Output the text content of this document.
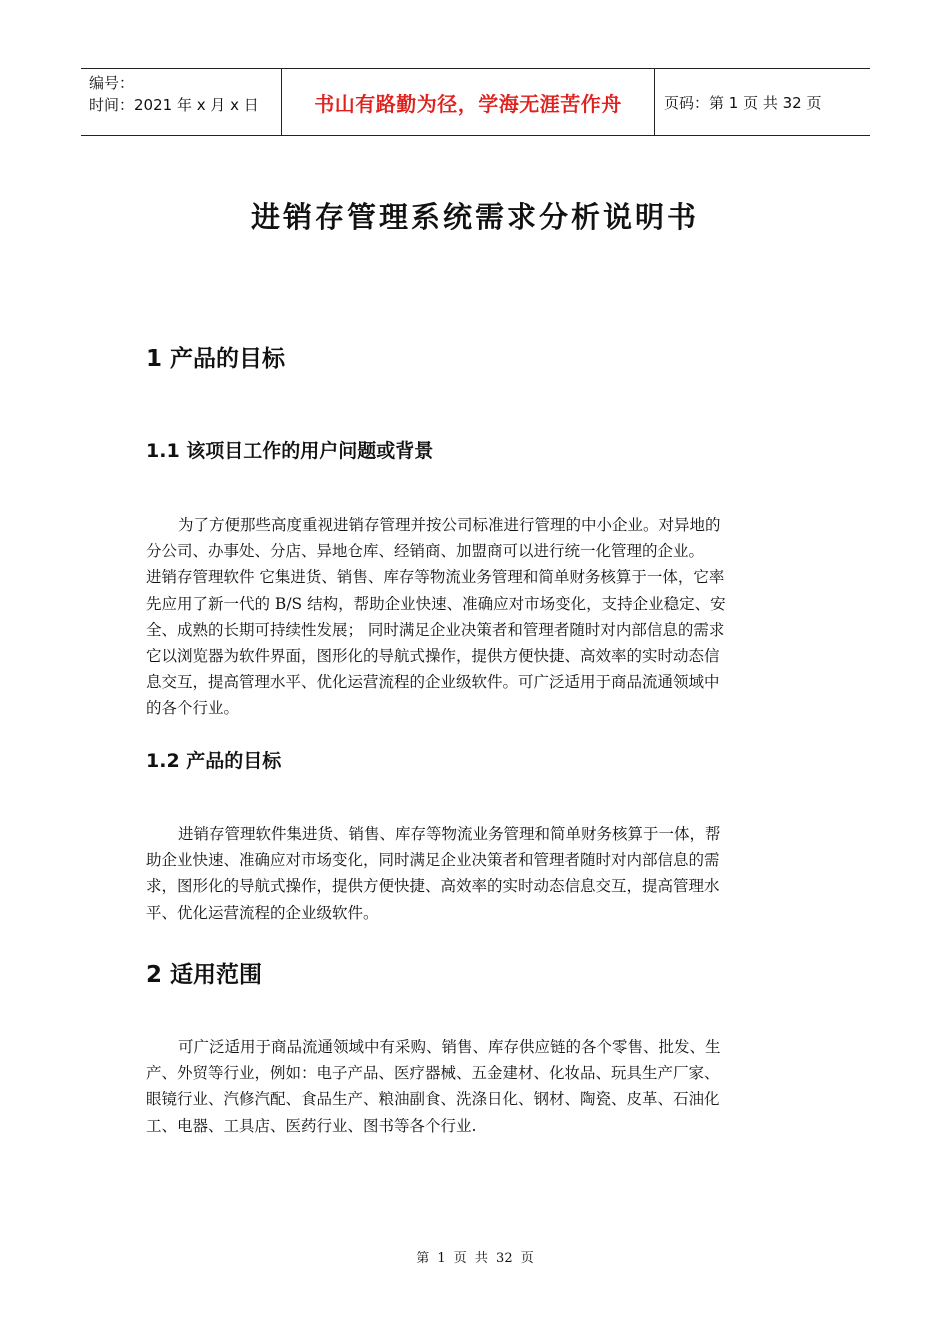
编号：
时间：2021 年 x 月 x 日	书山有路勤为径，学海无涯苦作舟	页码：第 1 页 共 32 页
进销存管理系统需求分析说明书
1 产品的目标
1.1 该项目工作的用户问题或背景
为了方便那些高度重视进销存管理并按公司标准进行管理的中小企业。对异地的
分公司、办事处、分店、异地仓库、经销商、加盟商可以进行统一化管理的企业。
进销存管理软件 它集进货、销售、库存等物流业务管理和简单财务核算于一体，它率
先应用了新一代的 B/S 结构，帮助企业快速、准确应对市场变化，支持企业稳定、安
全、成熟的长期可持续性发展； 同时满足企业决策者和管理者随时对内部信息的需求
它以浏览器为软件界面，图形化的导航式操作，提供方便快捷、高效率的实时动态信
息交互，提高管理水平、优化运营流程的企业级软件。可广泛适用于商品流通领域中
的各个行业。
1.2 产品的目标
进销存管理软件集进货、销售、库存等物流业务管理和简单财务核算于一体，帮
助企业快速、准确应对市场变化，同时满足企业决策者和管理者随时对内部信息的需
求，图形化的导航式操作，提供方便快捷、高效率的实时动态信息交互，提高管理水
平、优化运营流程的企业级软件。
2 适用范围
可广泛适用于商品流通领域中有采购、销售、库存供应链的各个零售、批发、生
产、外贸等行业，例如：电子产品、医疗器械、五金建材、化妆品、玩具生产厂家、
眼镜行业、汽修汽配、食品生产、粮油副食、洗涤日化、钢材、陶瓷、皮革、石油化
工、电器、工具店、医药行业、图书等各个行业.
第 1 页 共 32 页
